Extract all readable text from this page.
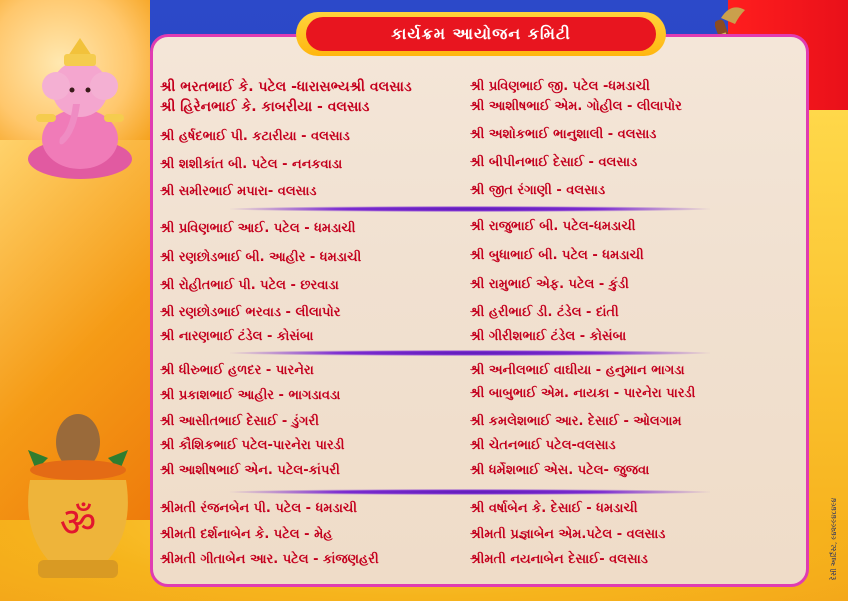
ॐ
કાર્યક્રમ આયોજન કમિટી
શ્રી ભરતભાઈ કે. પટેલ -ધારાસભ્યશ્રી વલસાડ
શ્રી હિરેનભાઈ કે. કાબરીયા - વલસાડ
શ્રી હર્ષદભાઈ પી. કટારીયા - વલસાડ
શ્રી શશીકાંત બી. પટેલ - નનકવાડા
શ્રી સમીરભાઈ મપારા- વલસાડ
શ્રી પ્રવિણભાઈ આઈ. પટેલ - ધમડાચી
શ્રી રણછોડભાઈ બી. આહીર - ધમડાચી
શ્રી રોહીતભાઈ પી. પટેલ - છરવાડા
શ્રી રણછોડભાઈ ભરવાડ - લીલાપોર
શ્રી નારણભાઈ ટંડેલ - કોસંબા
શ્રી ધીરુભાઈ હળદર - પારનેરા
શ્રી પ્રકાશભાઈ આહીર - ભાગડાવડા
શ્રી આસીતભાઈ દેસાઈ - ડુંગરી
શ્રી કૌશિકભાઈ પટેલ-પારનેરા પારડી
શ્રી આશીષભાઈ એન. પટેલ-કાંપરી
શ્રીમતી રંજનબેન પી. પટેલ - ધમડાચી
શ્રીમતી દર્શનાબેન કે. પટેલ - મેહ
શ્રીમતી ગીતાબેન આર. પટેલ - કાંજણહરી
શ્રી પ્રવિણભાઈ જી. પટેલ -ધમડાચી
શ્રી આશીષભાઈ એમ. ગોહીલ - લીલાપોર
શ્રી અશોકભાઈ ભાનુશાલી - વલસાડ
શ્રી બીપીનભાઈ દેસાઈ - વલસાડ
શ્રી જીત રંગાણી - વલસાડ
શ્રી રાજુભાઈ બી. પટેલ-ધમડાચી
શ્રી બુધાભાઈ બી. પટેલ - ધમડાચી
શ્રી રામુભાઈ એફ. પટેલ - કુંડી
શ્રી હરીભાઈ ડી. ટંડેલ - દાંતી
શ્રી ગીરીશભાઈ ટંડેલ - કોસંબા
શ્રી અનીલભાઈ વાઘીયા - હનુમાન ભાગડા
શ્રી બાબુભાઈ એમ. નાયકા - પારનેરા પારડી
શ્રી કમલેશભાઈ આર. દેસાઈ - ઓલગામ
શ્રી ચેતનભાઈ પટેલ-વલસાડ
શ્રી ધર્મેશભાઈ એસ. પટેલ- જુજવા
શ્રી વર્ષાબેન કે. દેસાઈ - ધમડાચી
શ્રીમતી પ્રજ્ઞાબેન એમ.પટેલ - વલસાડ
શ્રીમતી નયનાબેન દેસાઈ- વલસાડ	દેસી આર્ટિસ્ટ, ૯૪૨૯૯૪૮૪૯૪
